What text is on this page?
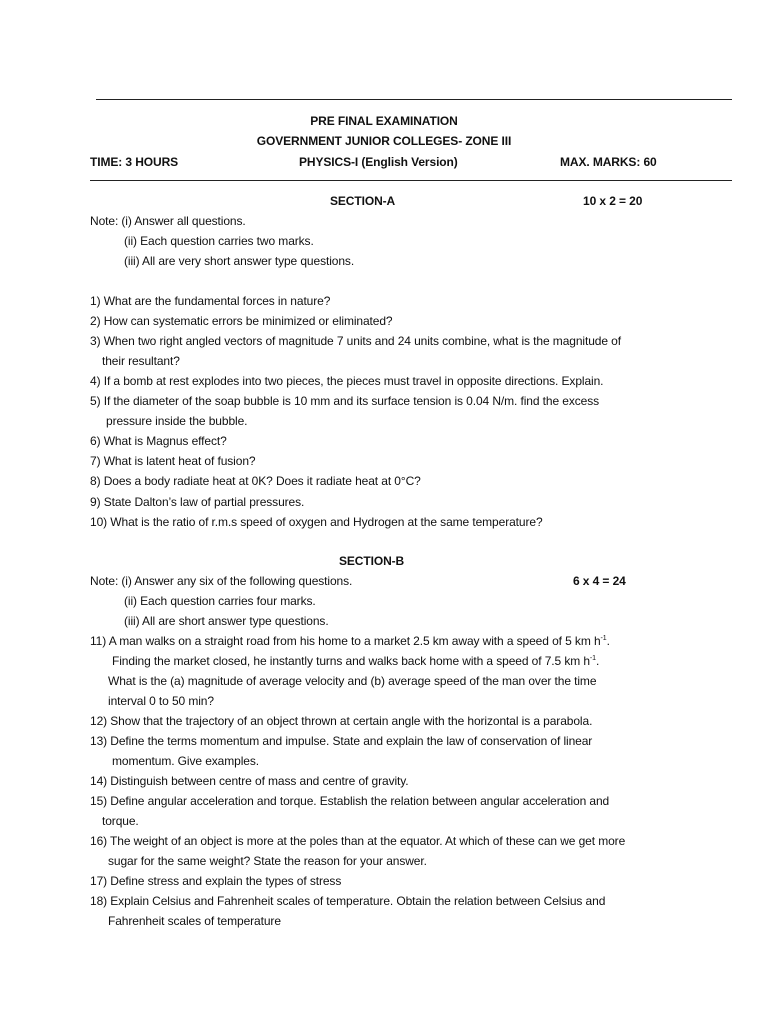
PRE FINAL EXAMINATION
GOVERNMENT JUNIOR COLLEGES- ZONE III
TIME: 3 HOURS	PHYSICS-I (English Version)	MAX. MARKS: 60
SECTION-A	10 x 2 = 20
Note: (i) Answer all questions.
(ii) Each question carries two marks.
(iii) All are very short answer type questions.
1) What are the fundamental forces in nature?
2) How can systematic errors be minimized or eliminated?
3) When two right angled vectors of magnitude 7 units and 24 units combine, what is the magnitude of
their resultant?
4) If a bomb at rest explodes into two pieces, the pieces must travel in opposite directions. Explain.
5) If the diameter of the soap bubble is 10 mm and its surface tension is 0.04 N/m. find the excess
pressure inside the bubble.
6) What is Magnus effect?
7) What is latent heat of fusion?
8) Does a body radiate heat at 0K? Does it radiate heat at 0°C?
9) State Dalton’s law of partial pressures.
10) What is the ratio of r.m.s speed of oxygen and Hydrogen at the same temperature?
SECTION-B
Note: (i) Answer any six of the following questions.	6 x 4 = 24
(ii) Each question carries four marks.
(iii) All are short answer type questions.
11) A man walks on a straight road from his home to a market 2.5 km away with a speed of 5 km $h^{-1}$.
Finding the market closed, he instantly turns and walks back home with a speed of 7.5 km $h^{-1}$.
What is the (a) magnitude of average velocity and (b) average speed of the man over the time
interval 0 to 50 min?
12) Show that the trajectory of an object thrown at certain angle with the horizontal is a parabola.
13) Define the terms momentum and impulse. State and explain the law of conservation of linear
momentum. Give examples.
14) Distinguish between centre of mass and centre of gravity.
15) Define angular acceleration and torque. Establish the relation between angular acceleration and
torque.
16) The weight of an object is more at the poles than at the equator. At which of these can we get more
sugar for the same weight? State the reason for your answer.
17) Define stress and explain the types of stress
18) Explain Celsius and Fahrenheit scales of temperature. Obtain the relation between Celsius and
Fahrenheit scales of temperature
